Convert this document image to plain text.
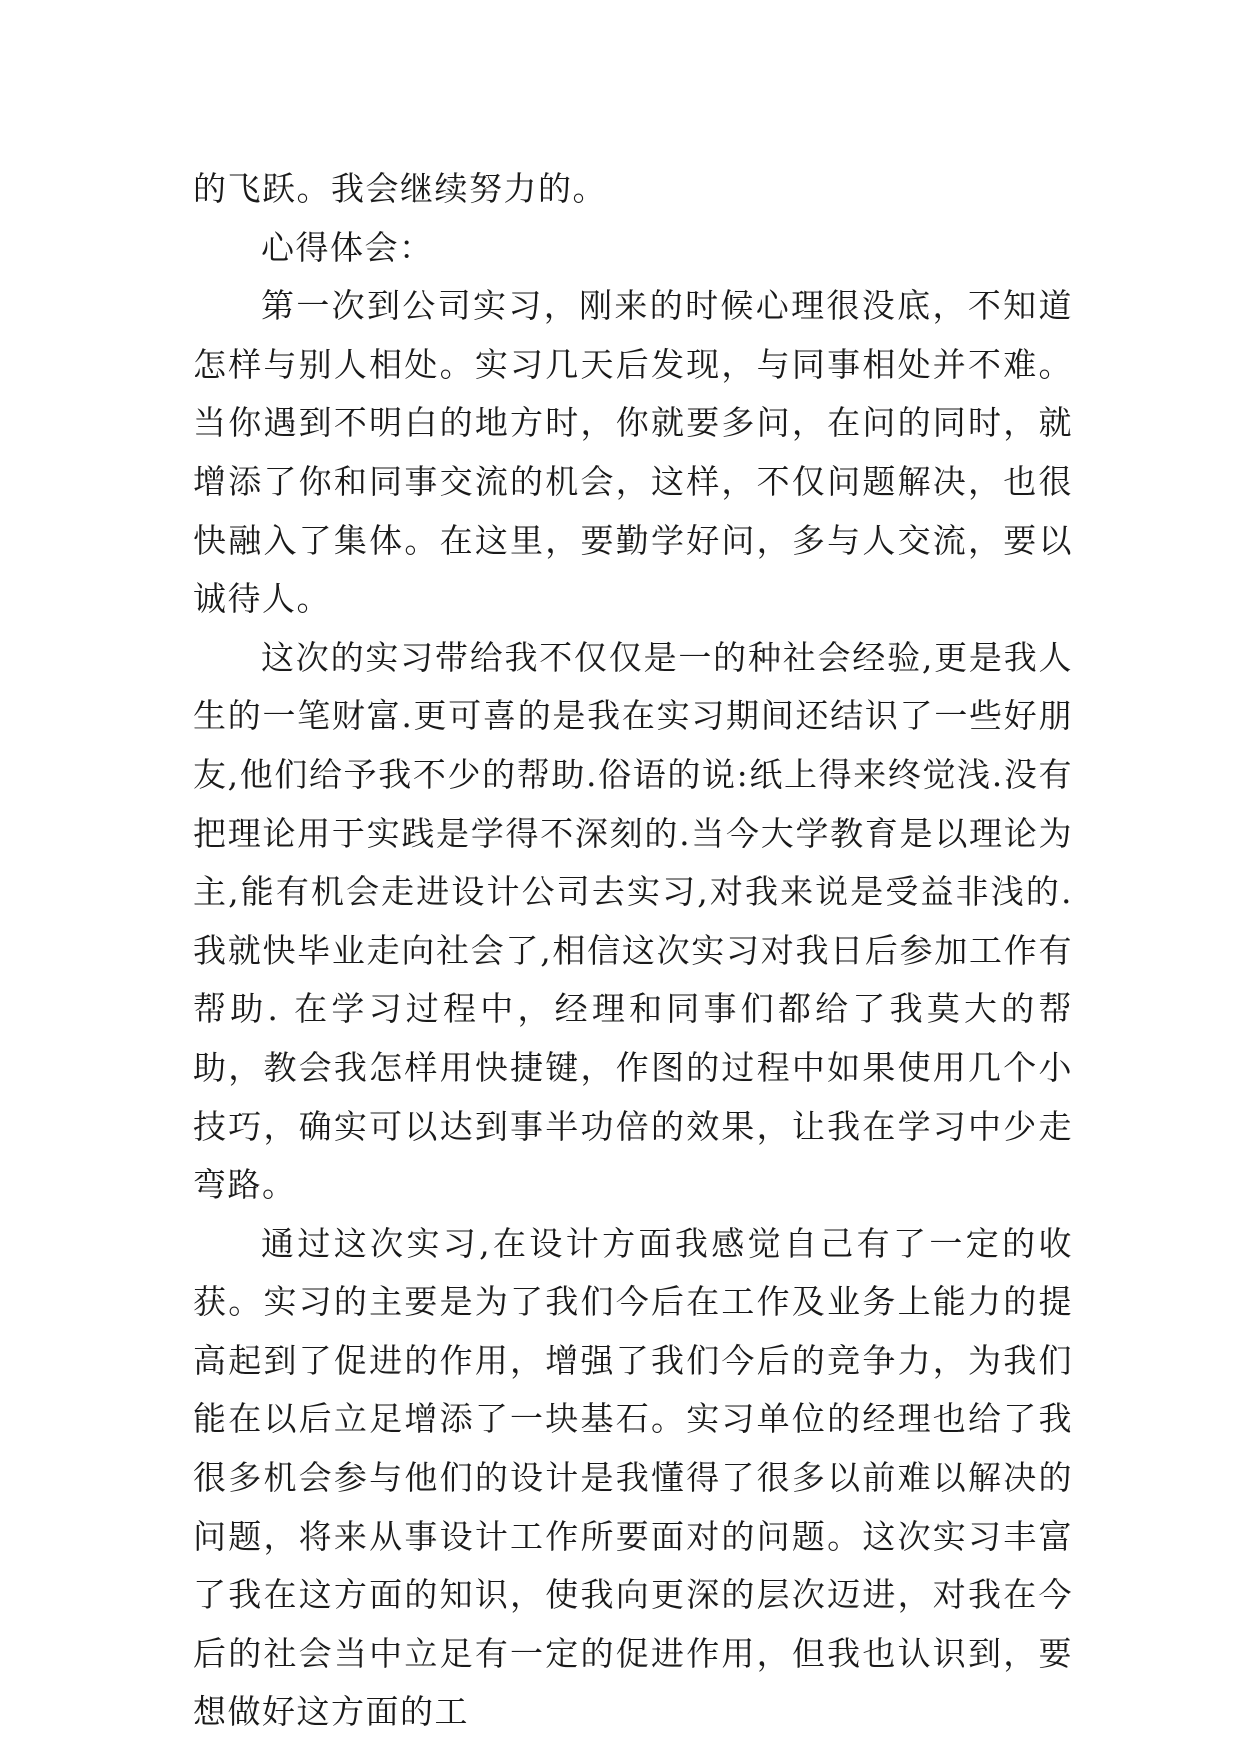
的飞跃。我会继续努力的。

心得体会：

第一次到公司实习，刚来的时候心理很没底，不知道怎样与别人相处。实习几天后发现，与同事相处并不难。当你遇到不明白的地方时，你就要多问，在问的同时，就增添了你和同事交流的机会，这样，不仅问题解决，也很快融入了集体。在这里，要勤学好问，多与人交流，要以诚待人。

这次的实习带给我不仅仅是一的种社会经验,更是我人生的一笔财富.更可喜的是我在实习期间还结识了一些好朋友,他们给予我不少的帮助.俗语的说:纸上得来终觉浅.没有把理论用于实践是学得不深刻的.当今大学教育是以理论为主,能有机会走进设计公司去实习,对我来说是受益非浅的.我就快毕业走向社会了,相信这次实习对我日后参加工作有帮助. 在学习过程中，经理和同事们都给了我莫大的帮助，教会我怎样用快捷键，作图的过程中如果使用几个小技巧，确实可以达到事半功倍的效果，让我在学习中少走弯路。

通过这次实习,在设计方面我感觉自己有了一定的收获。实习的主要是为了我们今后在工作及业务上能力的提高起到了促进的作用，增强了我们今后的竞争力，为我们能在以后立足增添了一块基石。实习单位的经理也给了我很多机会参与他们的设计是我懂得了很多以前难以解决的问题，将来从事设计工作所要面对的问题。这次实习丰富了我在这方面的知识，使我向更深的层次迈进，对我在今后的社会当中立足有一定的促进作用，但我也认识到，要想做好这方面的工
